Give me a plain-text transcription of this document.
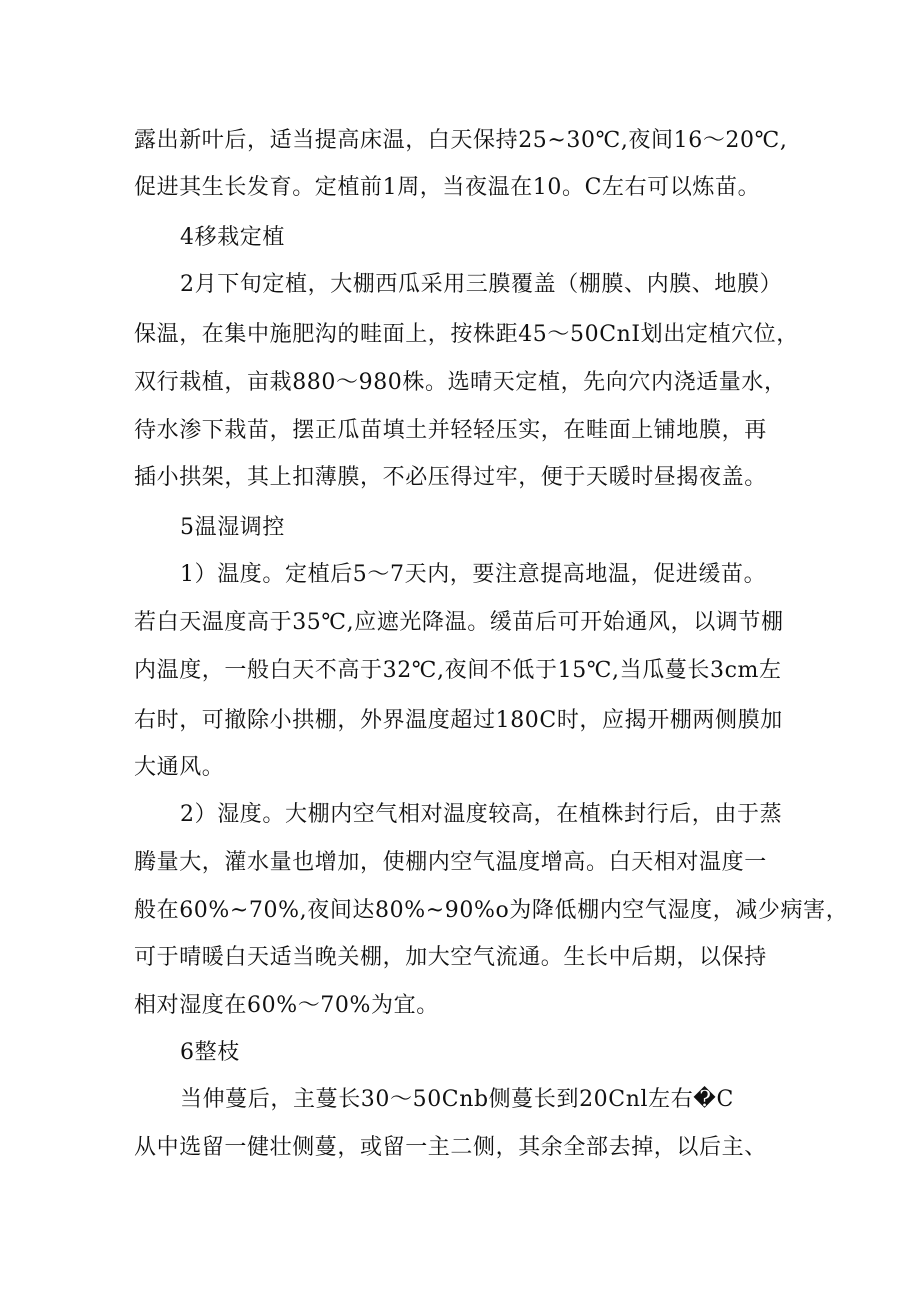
露出新叶后，适当提高床温，白天保持25~30℃,夜间16～20℃,
促进其生长发育。定植前1周，当夜温在10。C左右可以炼苗。
4移栽定植
2月下旬定植，大棚西瓜采用三膜覆盖（棚膜、内膜、地膜）
保温，在集中施肥沟的畦面上，按株距45～50CnI划出定植穴位，
双行栽植，亩栽880～980株。选晴天定植，先向穴内浇适量水，
待水渗下栽苗，摆正瓜苗填土并轻轻压实，在畦面上铺地膜，再
插小拱架，其上扣薄膜，不必压得过牢，便于天暖时昼揭夜盖。
5温湿调控
1）温度。定植后5～7天内，要注意提高地温，促进缓苗。
若白天温度高于35℃,应遮光降温。缓苗后可开始通风，以调节棚
内温度，一般白天不高于32℃,夜间不低于15℃,当瓜蔓长3cm左
右时，可撤除小拱棚，外界温度超过180C时，应揭开棚两侧膜加
大通风。
2）湿度。大棚内空气相对温度较高，在植株封行后，由于蒸
腾量大，灌水量也增加，使棚内空气温度增高。白天相对温度一
般在60%~70%,夜间达80%~90%o为降低棚内空气湿度，减少病害，
可于晴暖白天适当晚关棚，加大空气流通。生长中后期，以保持
相对湿度在60%～70%为宜。
6整枝
当伸蔓后，主蔓长30～50Cnb侧蔓长到20Cnl左右�C
从中选留一健壮侧蔓，或留一主二侧，其余全部去掉，以后主、
